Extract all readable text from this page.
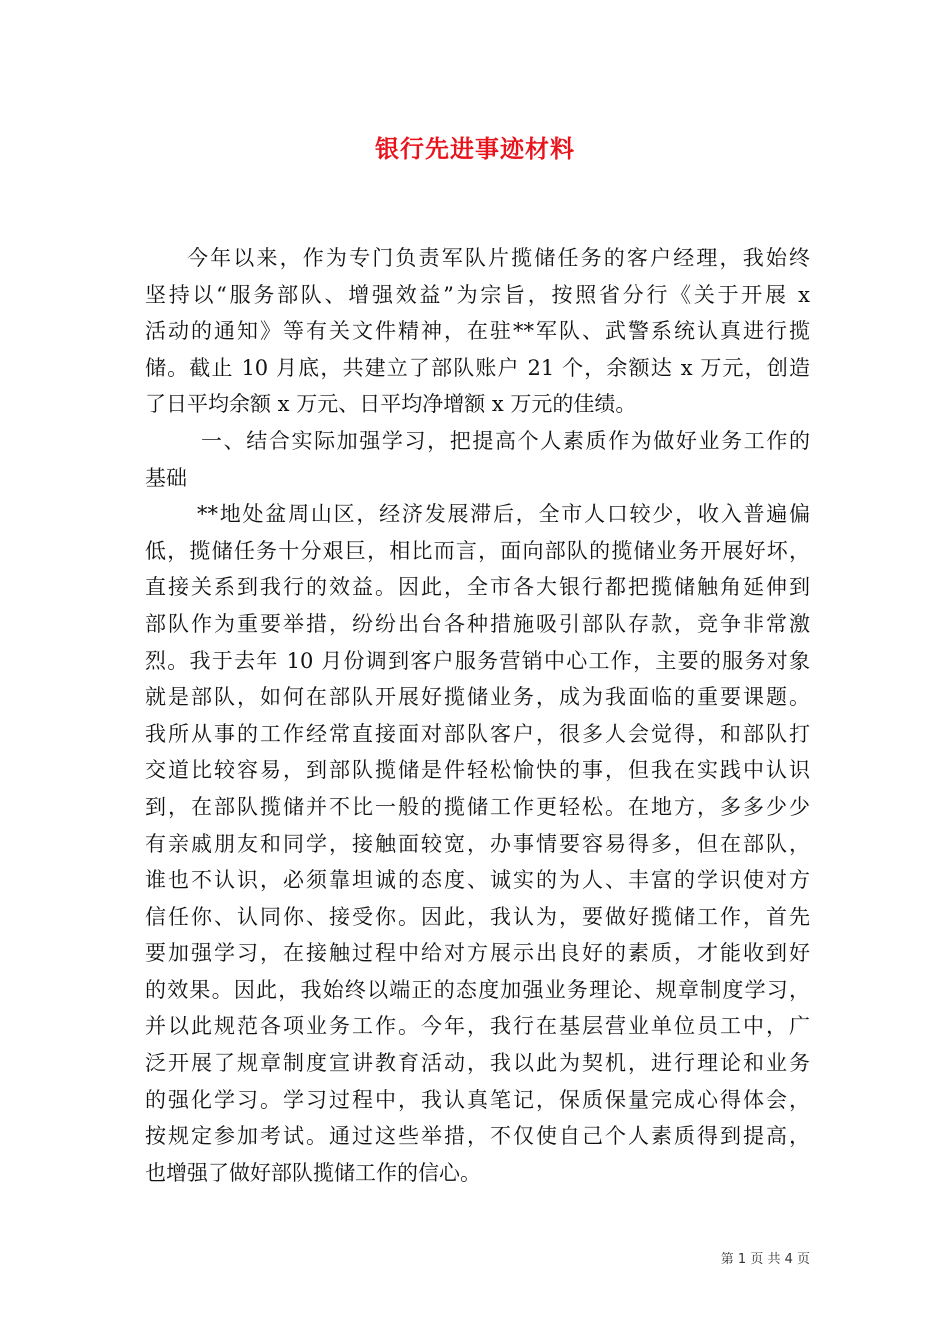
银行先进事迹材料
今年以来，作为专门负责军队片揽储任务的客户经理，我始终
坚持以“服务部队、增强效益”为宗旨，按照省分行《关于开展 x
活动的通知》等有关文件精神，在驻**军队、武警系统认真进行揽
储。截止 10 月底，共建立了部队账户 21 个，余额达 x 万元，创造
了日平均余额 x 万元、日平均净增额 x 万元的佳绩。
一、结合实际加强学习，把提高个人素质作为做好业务工作的
基础
**地处盆周山区，经济发展滞后，全市人口较少，收入普遍偏
低，揽储任务十分艰巨，相比而言，面向部队的揽储业务开展好坏，
直接关系到我行的效益。因此，全市各大银行都把揽储触角延伸到
部队作为重要举措，纷纷出台各种措施吸引部队存款，竞争非常激
烈。我于去年 10 月份调到客户服务营销中心工作，主要的服务对象
就是部队，如何在部队开展好揽储业务，成为我面临的重要课题。
我所从事的工作经常直接面对部队客户，很多人会觉得，和部队打
交道比较容易，到部队揽储是件轻松愉快的事，但我在实践中认识
到，在部队揽储并不比一般的揽储工作更轻松。在地方，多多少少
有亲戚朋友和同学，接触面较宽，办事情要容易得多，但在部队，
谁也不认识，必须靠坦诚的态度、诚实的为人、丰富的学识使对方
信任你、认同你、接受你。因此，我认为，要做好揽储工作，首先
要加强学习，在接触过程中给对方展示出良好的素质，才能收到好
的效果。因此，我始终以端正的态度加强业务理论、规章制度学习，
并以此规范各项业务工作。今年，我行在基层营业单位员工中，广
泛开展了规章制度宣讲教育活动，我以此为契机，进行理论和业务
的强化学习。学习过程中，我认真笔记，保质保量完成心得体会，
按规定参加考试。通过这些举措，不仅使自己个人素质得到提高，
也增强了做好部队揽储工作的信心。
第 1 页 共 4 页
